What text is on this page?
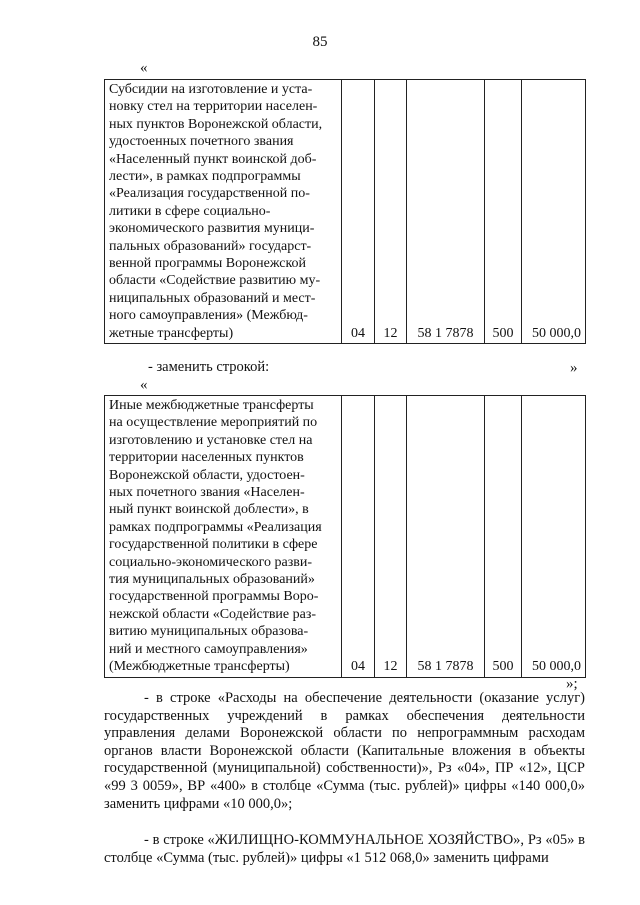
85
«
Субсидии на изготовление и уста-
новку стел на территории населен-
ных пунктов Воронежской области,
удостоенных почетного звания
«Населенный пункт воинской доб-
лести», в рамках подпрограммы
«Реализация государственной по-
литики в сфере социально-
экономического развития муници-
пальных образований» государст-
венной программы Воронежской
области «Содействие развитию му-
ниципальных образований и мест-
ного самоуправления» (Межбюд-
жетные трансферты)	04	12	58 1 7878	500	50 000,0
»
- заменить строкой:
«
Иные межбюджетные трансферты
на осуществление мероприятий по
изготовлению и установке стел на
территории населенных пунктов
Воронежской области, удостоен-
ных почетного звания «Населен-
ный пункт воинской доблести», в
рамках подпрограммы «Реализация
государственной политики в сфере
социально-экономического разви-
тия муниципальных образований»
государственной программы Воро-
нежской области «Содействие раз-
витию муниципальных образова-
ний и местного самоуправления»
(Межбюджетные трансферты)	04	12	58 1 7878	500	50 000,0
»;

- в строке «Расходы на обеспечение деятельности (оказание услуг) государственных учреждений в рамках обеспечения деятельности управления делами Воронежской области по непрограммным расходам органов власти Воронежской области (Капитальные вложения в объекты государственной (муниципальной) собственности)», Рз «04», ПР «12», ЦСР «99 3 0059», ВР «400» в столбце «Сумма (тыс. рублей)» цифры «140 000,0» заменить цифрами «10 000,0»;

- в строке «ЖИЛИЩНО-КОММУНАЛЬНОЕ ХОЗЯЙСТВО», Рз «05» в столбце «Сумма (тыс. рублей)» цифры «1 512 068,0» заменить цифрами
